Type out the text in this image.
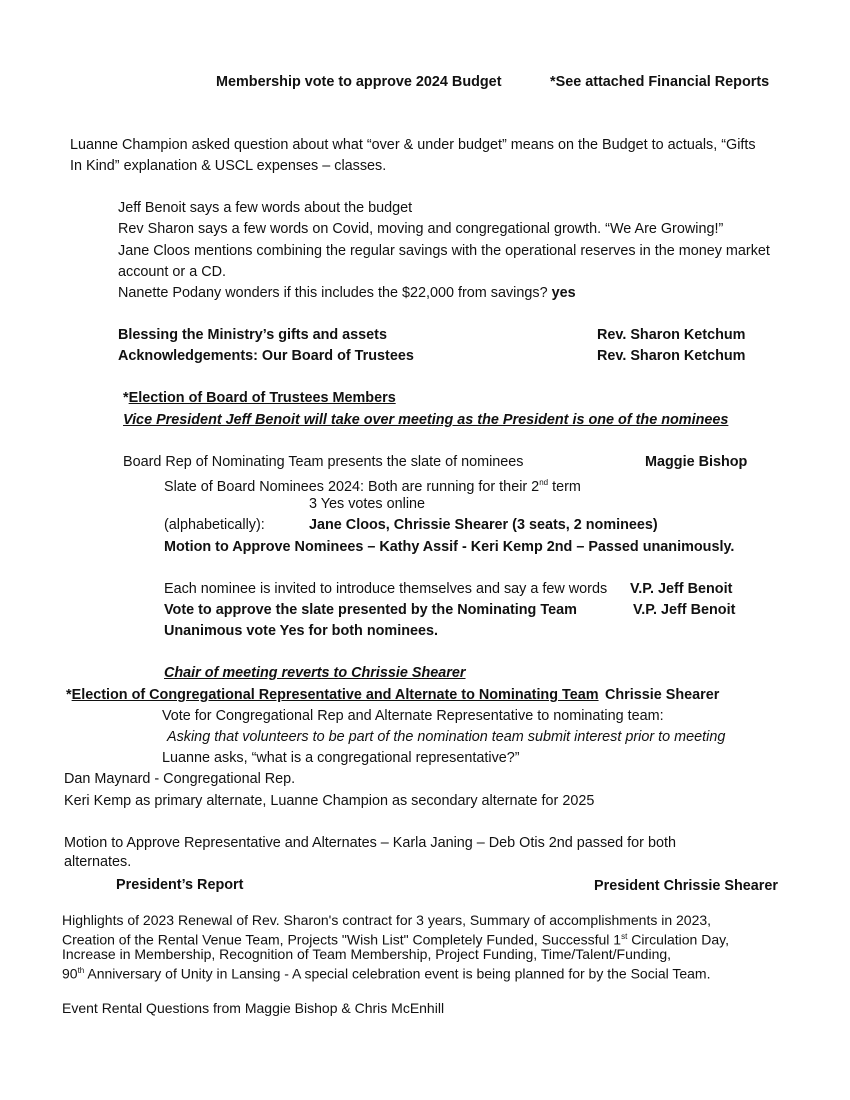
Membership vote to approve 2024 Budget	*See attached Financial Reports
Luanne Champion asked question about what “over & under budget” means on the Budget to actuals, “Gifts
In Kind” explanation & USCL expenses – classes.
Jeff Benoit says a few words about the budget
Rev Sharon says a few words on Covid, moving and congregational growth. “We Are Growing!”
Jane Cloos mentions combining the regular savings with the operational reserves in the money market
account or a CD.
Nanette Podany wonders if this includes the $22,000 from savings? yes
Blessing the Ministry’s gifts and assets	Rev. Sharon Ketchum
Acknowledgements: Our Board of Trustees	Rev. Sharon Ketchum
*Election of Board of Trustees Members
Vice President Jeff Benoit will take over meeting as the President is one of the nominees
Board Rep of Nominating Team presents the slate of nominees	Maggie Bishop
Slate of Board Nominees 2024: Both are running for their 2nd term
3 Yes votes online
(alphabetically):	Jane Cloos, Chrissie Shearer (3 seats, 2 nominees)
Motion to Approve Nominees – Kathy Assif - Keri Kemp 2nd – Passed unanimously.
Each nominee is invited to introduce themselves and say a few words V.P. Jeff Benoit
Vote to approve the slate presented by the Nominating Team	V.P. Jeff Benoit
Unanimous vote Yes for both nominees.
Chair of meeting reverts to Chrissie Shearer
*Election of Congregational Representative and Alternate to Nominating Team Chrissie Shearer
Vote for Congregational Rep and Alternate Representative to nominating team:
Asking that volunteers to be part of the nomination team submit interest prior to meeting
Luanne asks, “what is a congregational representative?”
Dan Maynard - Congregational Rep.
Keri Kemp as primary alternate, Luanne Champion as secondary alternate for 2025
Motion to Approve Representative and Alternates – Karla Janing – Deb Otis 2nd passed for both
alternates.
President’s Report	President Chrissie Shearer
Highlights of 2023 Renewal of Rev. Sharon's contract for 3 years, Summary of accomplishments in 2023,
Creation of the Rental Venue Team, Projects "Wish List" Completely Funded, Successful 1st Circulation Day,
Increase in Membership, Recognition of Team Membership, Project Funding, Time/Talent/Funding,
90th Anniversary of Unity in Lansing - A special celebration event is being planned for by the Social Team.
Event Rental Questions from Maggie Bishop & Chris McEnhill
